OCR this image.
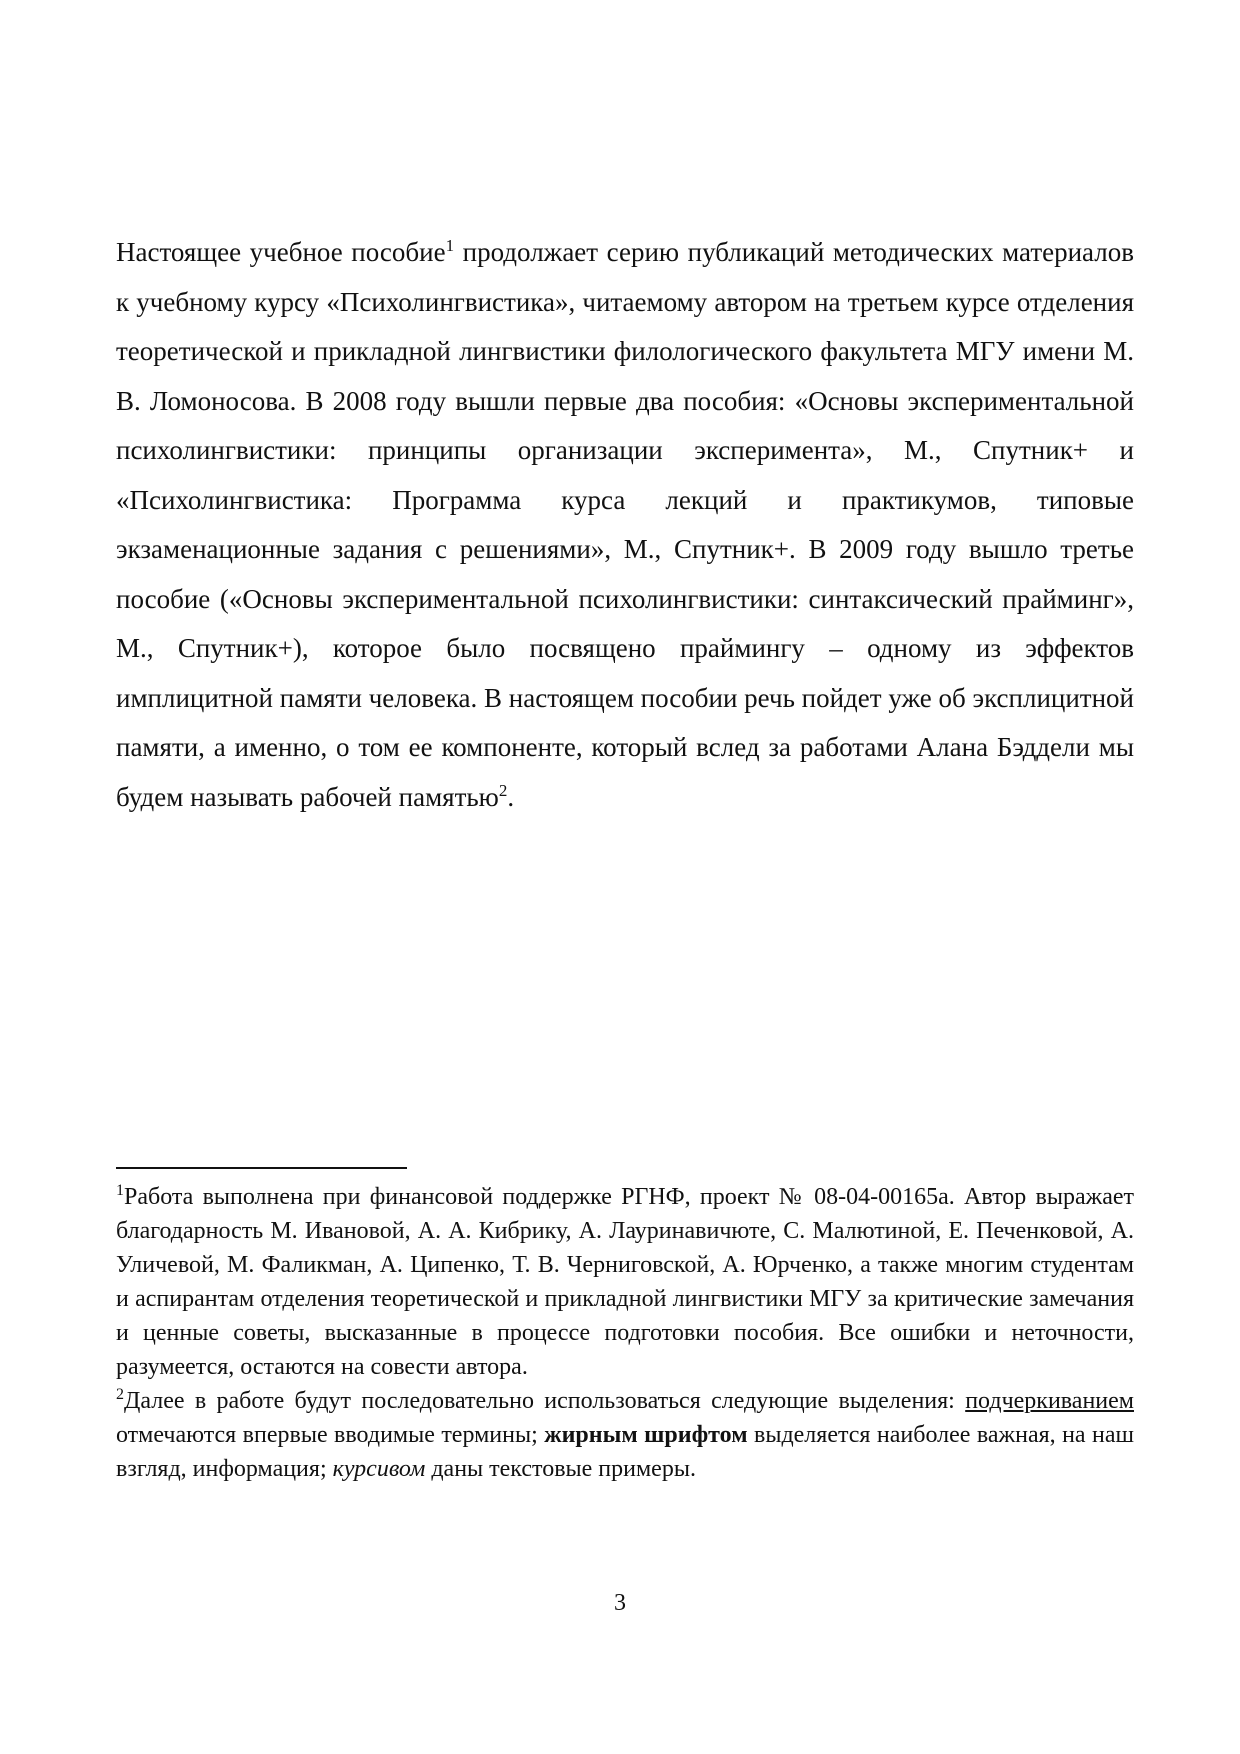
Настоящее учебное пособие$^1$ продолжает серию публикаций методических материалов к учебному курсу «Психолингвистика», читаемому автором на третьем курсе отделения теоретической и прикладной лингвистики филологического факультета МГУ имени М. В. Ломоносова. В 2008 году вышли первые два пособия: «Основы экспериментальной психолингвистики: принципы организации эксперимента», М., Спутник+ и «Психолингвистика: Программа курса лекций и практикумов, типовые экзаменационные задания с решениями», М., Спутник+. В 2009 году вышло третье пособие («Основы экспериментальной психолингвистики: синтаксический прайминг», М., Спутник+), которое было посвящено праймингу – одному из эффектов имплицитной памяти человека. В настоящем пособии речь пойдет уже об эксплицитной памяти, а именно, о том ее компоненте, который вслед за работами Алана Бэддели мы будем называть рабочей памятью$^2$.

$^1$Работа выполнена при финансовой поддержке РГНФ, проект № 08-04-00165а. Автор выражает благодарность М. Ивановой, А. А. Кибрику, А. Лауринавичюте, С. Малютиной, Е. Печенковой, А. Уличевой, М. Фаликман, А. Ципенко, Т. В. Черниговской, А. Юрченко, а также многим студентам и аспирантам отделения теоретической и прикладной лингвистики МГУ за критические замечания и ценные советы, высказанные в процессе подготовки пособия. Все ошибки и неточности, разумеется, остаются на совести автора.

$^2$Далее в работе будут последовательно использоваться следующие выделения: подчеркиванием отмечаются впервые вводимые термины; жирным шрифтом выделяется наиболее важная, на наш взгляд, информация; курсивом даны текстовые примеры.

3
